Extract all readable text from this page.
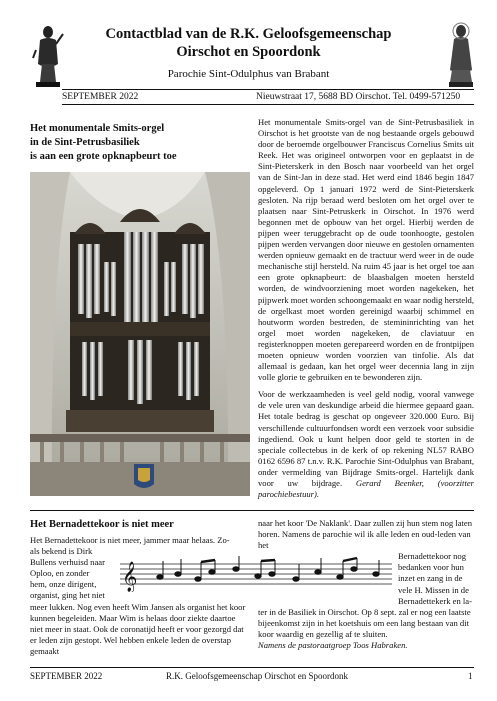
Contactblad van de R.K. Geloofsgemeenschap
Oirschot en Spoordonk
Parochie Sint-Odulphus van Brabant
SEPTEMBER 2022	Nieuwstraat 17, 5688 BD Oirschot. Tel. 0499-571250
Het monumentale Smits-orgel
in de Sint-Petrusbasiliek
is aan een grote opknapbeurt toe

Het monumentale Smits-orgel van de Sint-Petrusbasiliek in Oirschot is het grootste van de nog bestaande orgels gebouwd door de beroemde orgelbouwer Franciscus Cornelius Smits uit Reek. Het was origineel ontworpen voor en geplaatst in de Sint-Pieterskerk in den Bosch naar voorbeeld van het orgel van de Sint-Jan in deze stad. Het werd eind 1846 begin 1847 opgeleverd. Op 1 januari 1972 werd de Sint-Pieterskerk gesloten. Na rijp beraad werd besloten om het orgel over te plaatsen naar Sint-Petruskerk in Oirschot. In 1976 werd begonnen met de opbouw van het orgel. Hierbij werden de pijpen weer teruggebracht op de oude toonhoogte, gestolen pijpen werden vervangen door nieuwe en gestolen ornamenten werden opnieuw gemaakt en de tractuur werd weer in de oude mechanische stijl hersteld. Na ruim 45 jaar is het orgel toe aan een grote opknapbeurt: de blaasbalgen moeten hersteld worden, de windvoorziening moet worden nagekeken, het pijpwerk moet worden schoongemaakt en waar nodig hersteld, de orgelkast moet worden gereinigd waarbij schimmel en houtworm worden bestreden, de stemininrichting van het orgel moet worden nagekeken, de claviatuur en registerknoppen moeten gerepareerd worden en de frontpijpen moeten opnieuw worden voorzien van tinfolie. Als dat allemaal is gedaan, kan het orgel weer decennia lang in zijn volle glorie te gebruiken en te bewonderen zijn.

Voor de werkzaamheden is veel geld nodig, vooral vanwege de vele uren van deskundige arbeid die hiermee gepaard gaan. Het totale bedrag is geschat op ongeveer 320.000 Euro. Bij verschillende cultuurfondsen wordt een verzoek voor subsidie ingediend. Ook u kunt helpen door geld te storten in de speciale collectebus in de kerk of op rekening NL57 RABO 0162 6596 87 t.n.v. R.K. Parochie Sint-Odulphus van Brabant, onder vermelding van Bijdrage Smits-orgel. Hartelijk dank voor uw bijdrage. Gerard Beenker, (voorzitter parochiebestuur).

Het Bernadettekoor is niet meer
Het Bernadettekoor is niet meer, jammer maar helaas. Zo-
als bekend is Dirk
Bullens verhuisd naar
Oploo, en zonder
hem, onze dirigent,
organist, ging het niet
meer lukken. Nog even heeft Wim Jansen als organist het koor kunnen begeleiden. Maar Wim is helaas door ziekte daartoe niet meer in staat. Ook de coronatijd heeft er voor gezorgd dat er leden zijn gestopt. Wel hebben enkele leden de overstap gemaakt
𝄞
naar het koor 'De Naklank'. Daar zullen zij hun stem nog laten horen. Namens de parochie wil ik alle leden en oud-leden van het
Bernadettekoor nog
bedanken voor hun
inzet en zang in de
vele H. Missen in de
Bernadettekerk en la-
ter in de Basiliek in Oirschot. Op 8 sept. zal er nog een laatste bijeenkomst zijn in het koetshuis om een lang bestaan van dit koor waardig en gezellig af te sluiten.
Namens de pastoraatgroep Toos Habraken.
SEPTEMBER 2022	R.K. Geloofsgemeenschap Oirschot en Spoordonk	1
